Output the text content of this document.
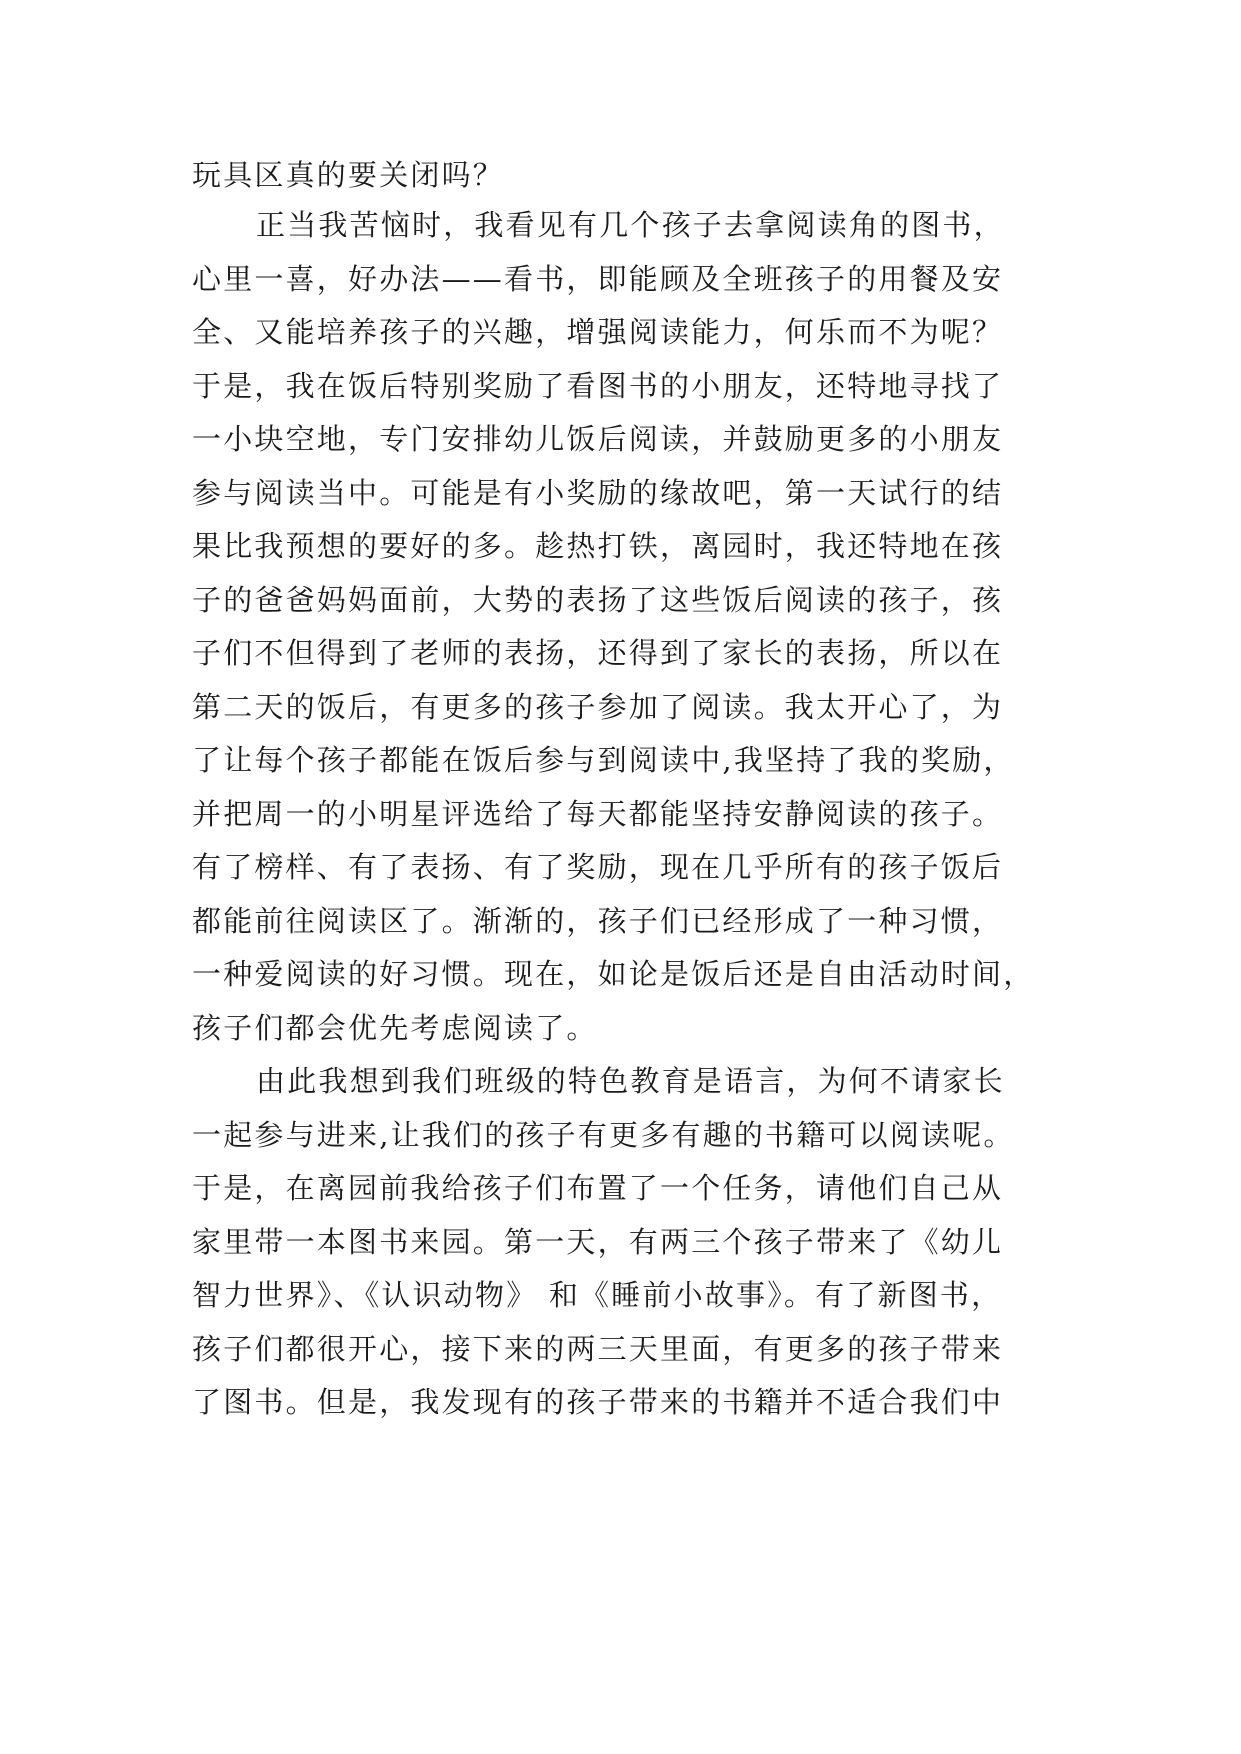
玩具区真的要关闭吗？
正当我苦恼时，我看见有几个孩子去拿阅读角的图书，
心里一喜，好办法——看书，即能顾及全班孩子的用餐及安
全、又能培养孩子的兴趣，增强阅读能力，何乐而不为呢？
于是，我在饭后特别奖励了看图书的小朋友，还特地寻找了
一小块空地，专门安排幼儿饭后阅读，并鼓励更多的小朋友
参与阅读当中。可能是有小奖励的缘故吧，第一天试行的结
果比我预想的要好的多。趁热打铁，离园时，我还特地在孩
子的爸爸妈妈面前，大势的表扬了这些饭后阅读的孩子，孩
子们不但得到了老师的表扬，还得到了家长的表扬，所以在
第二天的饭后，有更多的孩子参加了阅读。我太开心了，为
了让每个孩子都能在饭后参与到阅读中,我坚持了我的奖励，
并把周一的小明星评选给了每天都能坚持安静阅读的孩子。
有了榜样、有了表扬、有了奖励，现在几乎所有的孩子饭后
都能前往阅读区了。渐渐的，孩子们已经形成了一种习惯，
一种爱阅读的好习惯。现在，如论是饭后还是自由活动时间，
孩子们都会优先考虑阅读了。
由此我想到我们班级的特色教育是语言，为何不请家长
一起参与进来,让我们的孩子有更多有趣的书籍可以阅读呢。
于是，在离园前我给孩子们布置了一个任务，请他们自己从
家里带一本图书来园。第一天，有两三个孩子带来了《幼儿
智力世界》、《认识动物》 和《睡前小故事》。有了新图书，
孩子们都很开心，接下来的两三天里面，有更多的孩子带来
了图书。但是，我发现有的孩子带来的书籍并不适合我们中
